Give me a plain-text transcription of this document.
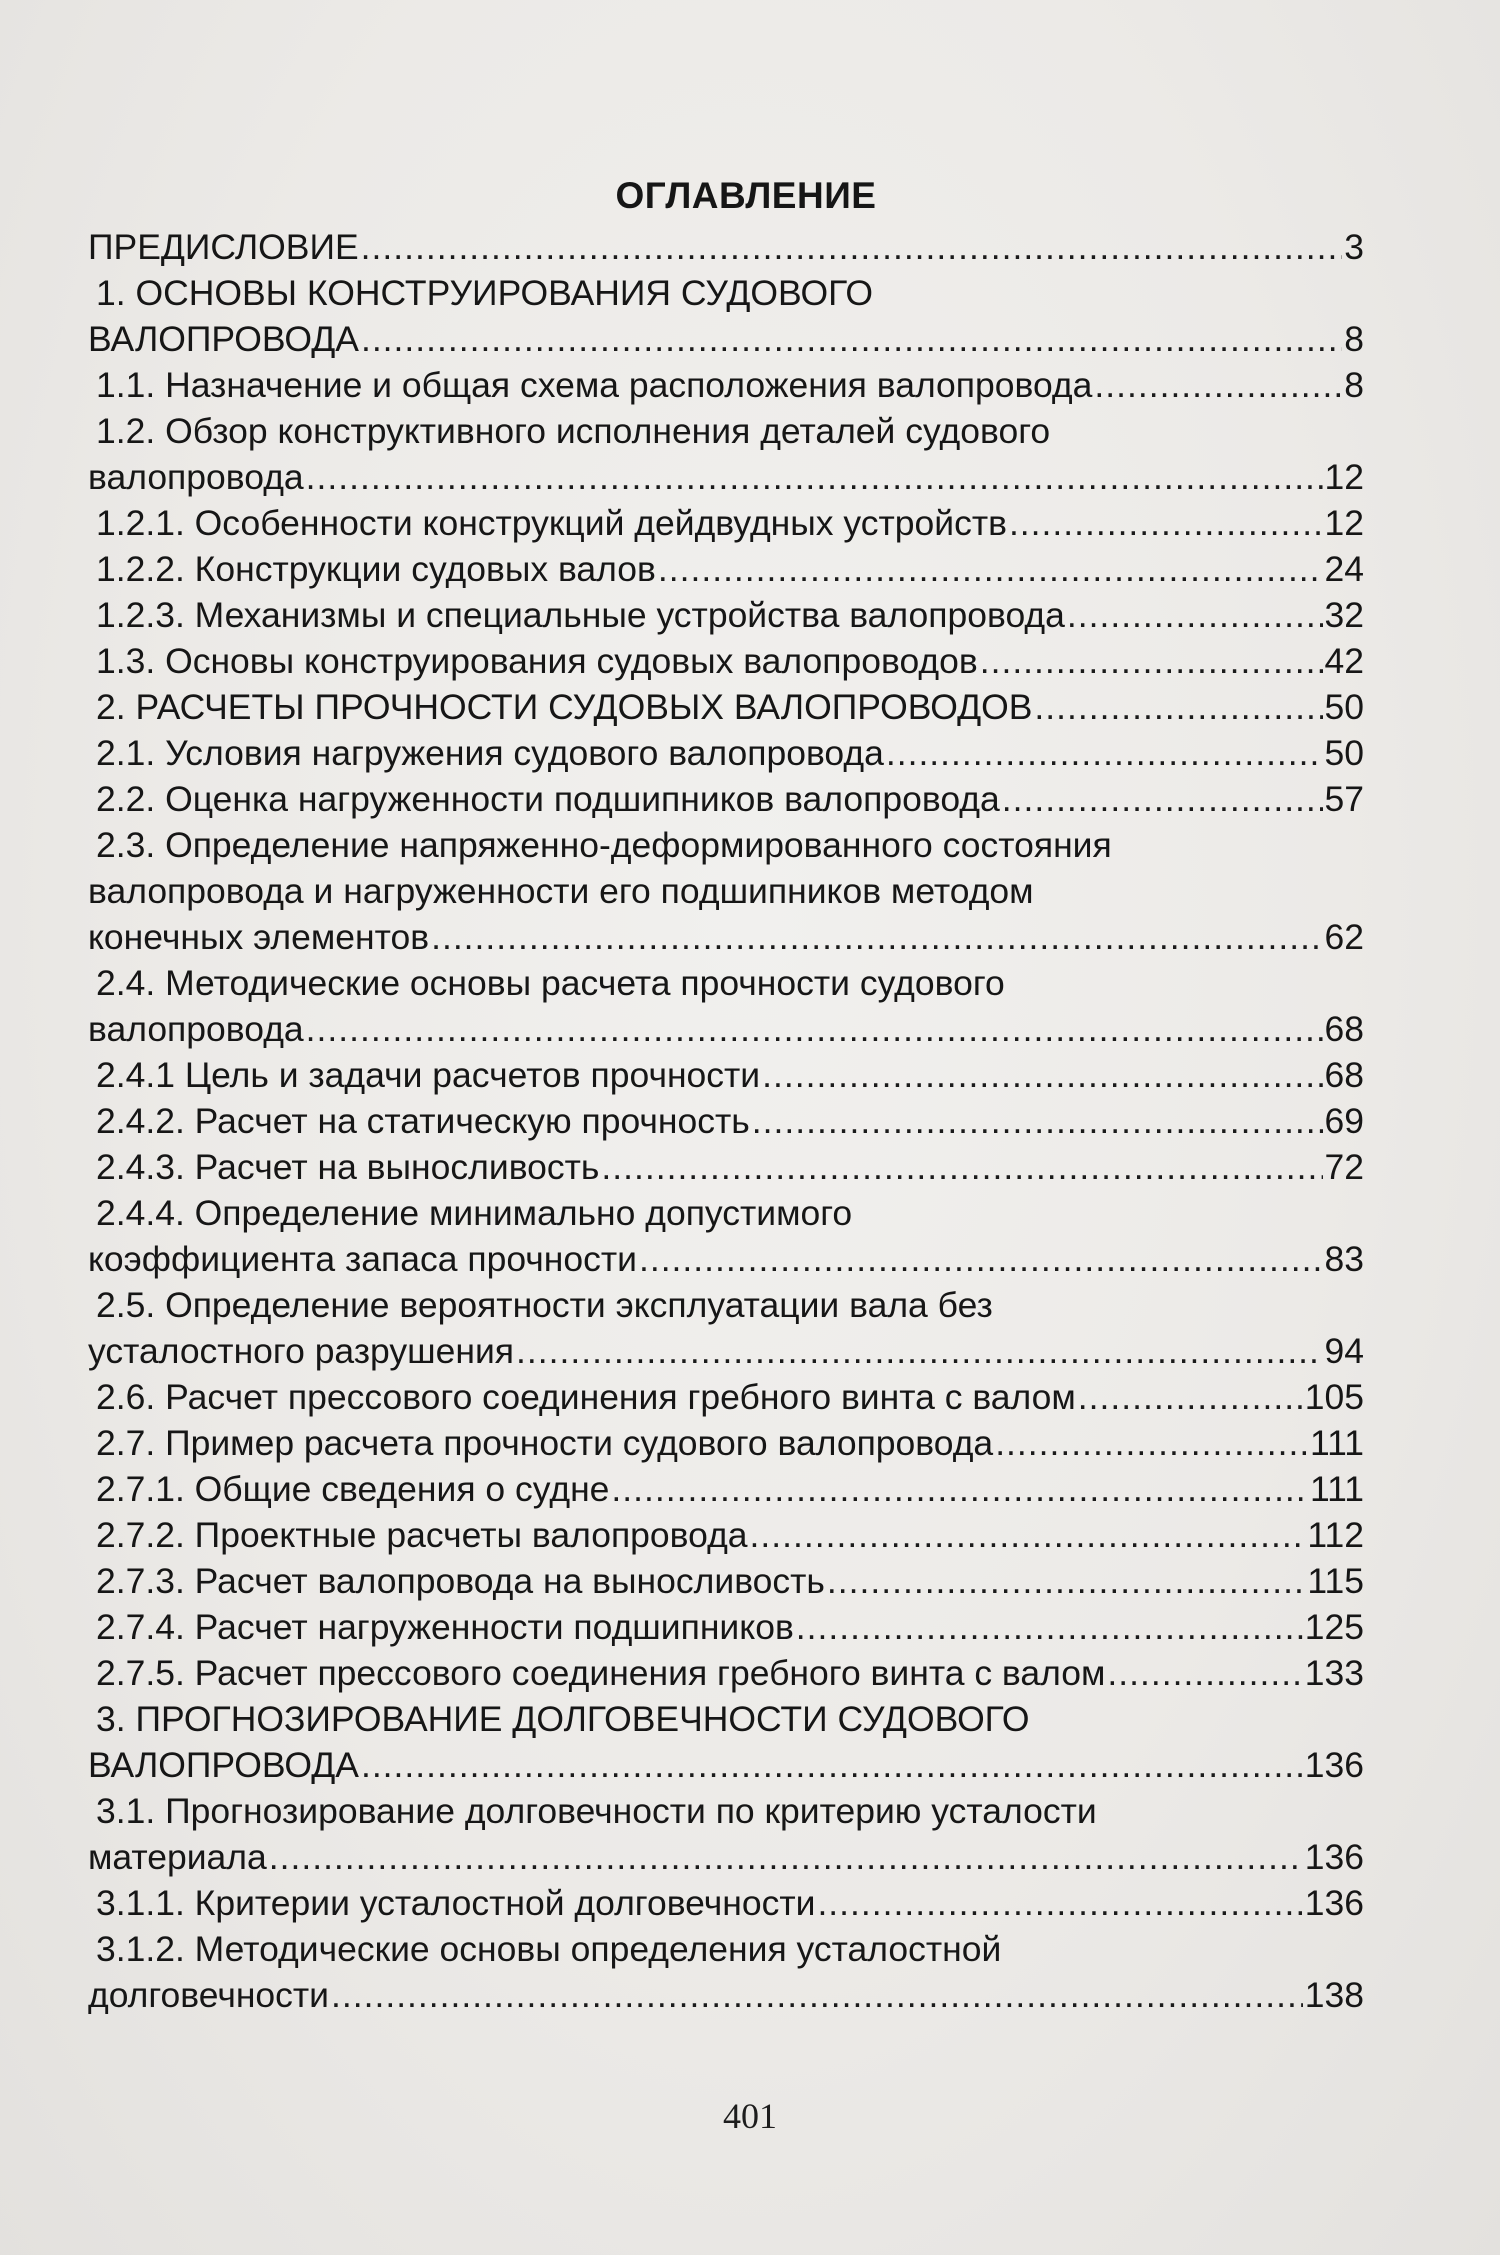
ОГЛАВЛЕНИЕ
ПРЕДИСЛОВИЕ .....	3
1. ОСНОВЫ КОНСТРУИРОВАНИЯ СУДОВОГО
ВАЛОПРОВОДА .....	8
1.1. Назначение и общая схема расположения валопровода .....	8
1.2. Обзор конструктивного исполнения деталей судового
валопровода .....	12
1.2.1. Особенности конструкций дейдвудных устройств .....	12
1.2.2. Конструкции судовых валов .....	24
1.2.3. Механизмы и специальные устройства валопровода .....	32
1.3. Основы конструирования судовых валопроводов .....	42
2. РАСЧЕТЫ ПРОЧНОСТИ СУДОВЫХ ВАЛОПРОВОДОВ .....	50
2.1. Условия нагружения судового валопровода .....	50
2.2. Оценка нагруженности подшипников валопровода .....	57
2.3. Определение напряженно-деформированного состояния
валопровода и нагруженности его подшипников методом
конечных элементов .....	62
2.4. Методические основы расчета прочности судового
валопровода .....	68
2.4.1 Цель и задачи расчетов прочности .....	68
2.4.2. Расчет на статическую прочность .....	69
2.4.3. Расчет на выносливость .....	72
2.4.4. Определение минимально допустимого
коэффициента запаса прочности .....	83
2.5. Определение вероятности эксплуатации вала без
усталостного разрушения .....	94
2.6. Расчет прессового соединения гребного винта с валом .....	105
2.7. Пример расчета прочности судового валопровода .....	111
2.7.1. Общие сведения о судне .....	111
2.7.2. Проектные расчеты валопровода .....	112
2.7.3. Расчет валопровода на выносливость .....	115
2.7.4. Расчет нагруженности подшипников .....	125
2.7.5. Расчет прессового соединения гребного винта с валом .....	133
3. ПРОГНОЗИРОВАНИЕ ДОЛГОВЕЧНОСТИ СУДОВОГО
ВАЛОПРОВОДА .....	136
3.1. Прогнозирование долговечности по критерию усталости
материала .....	136
3.1.1. Критерии усталостной долговечности .....	136
3.1.2. Методические основы определения усталостной
долговечности .....	138
401
